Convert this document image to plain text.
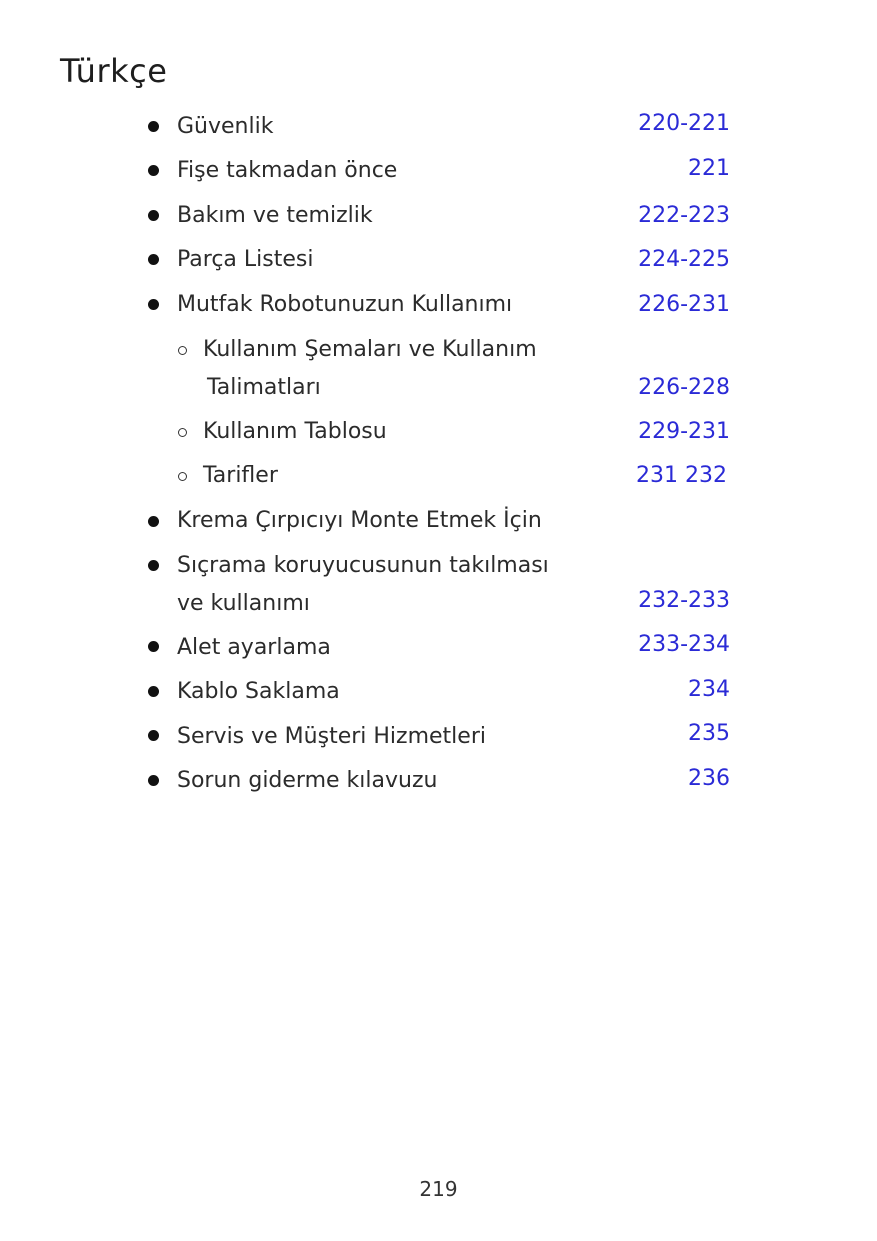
Türkçe
Güvenlik	220-221
Fişe takmadan önce	221
Bakım ve temizlik	222-223
Parça Listesi	224-225
Mutfak Robotunuzun Kullanımı	226-231
Kullanım Şemaları ve Kullanım
Talimatları	226-228
Kullanım Tablosu	229-231
Tarifler	231 232
Krema Çırpıcıyı Monte Etmek İçin
Sıçrama koruyucusunun takılması
ve kullanımı	232-233
Alet ayarlama	233-234
Kablo Saklama	234
Servis ve Müşteri Hizmetleri	235
Sorun giderme kılavuzu	236
219
